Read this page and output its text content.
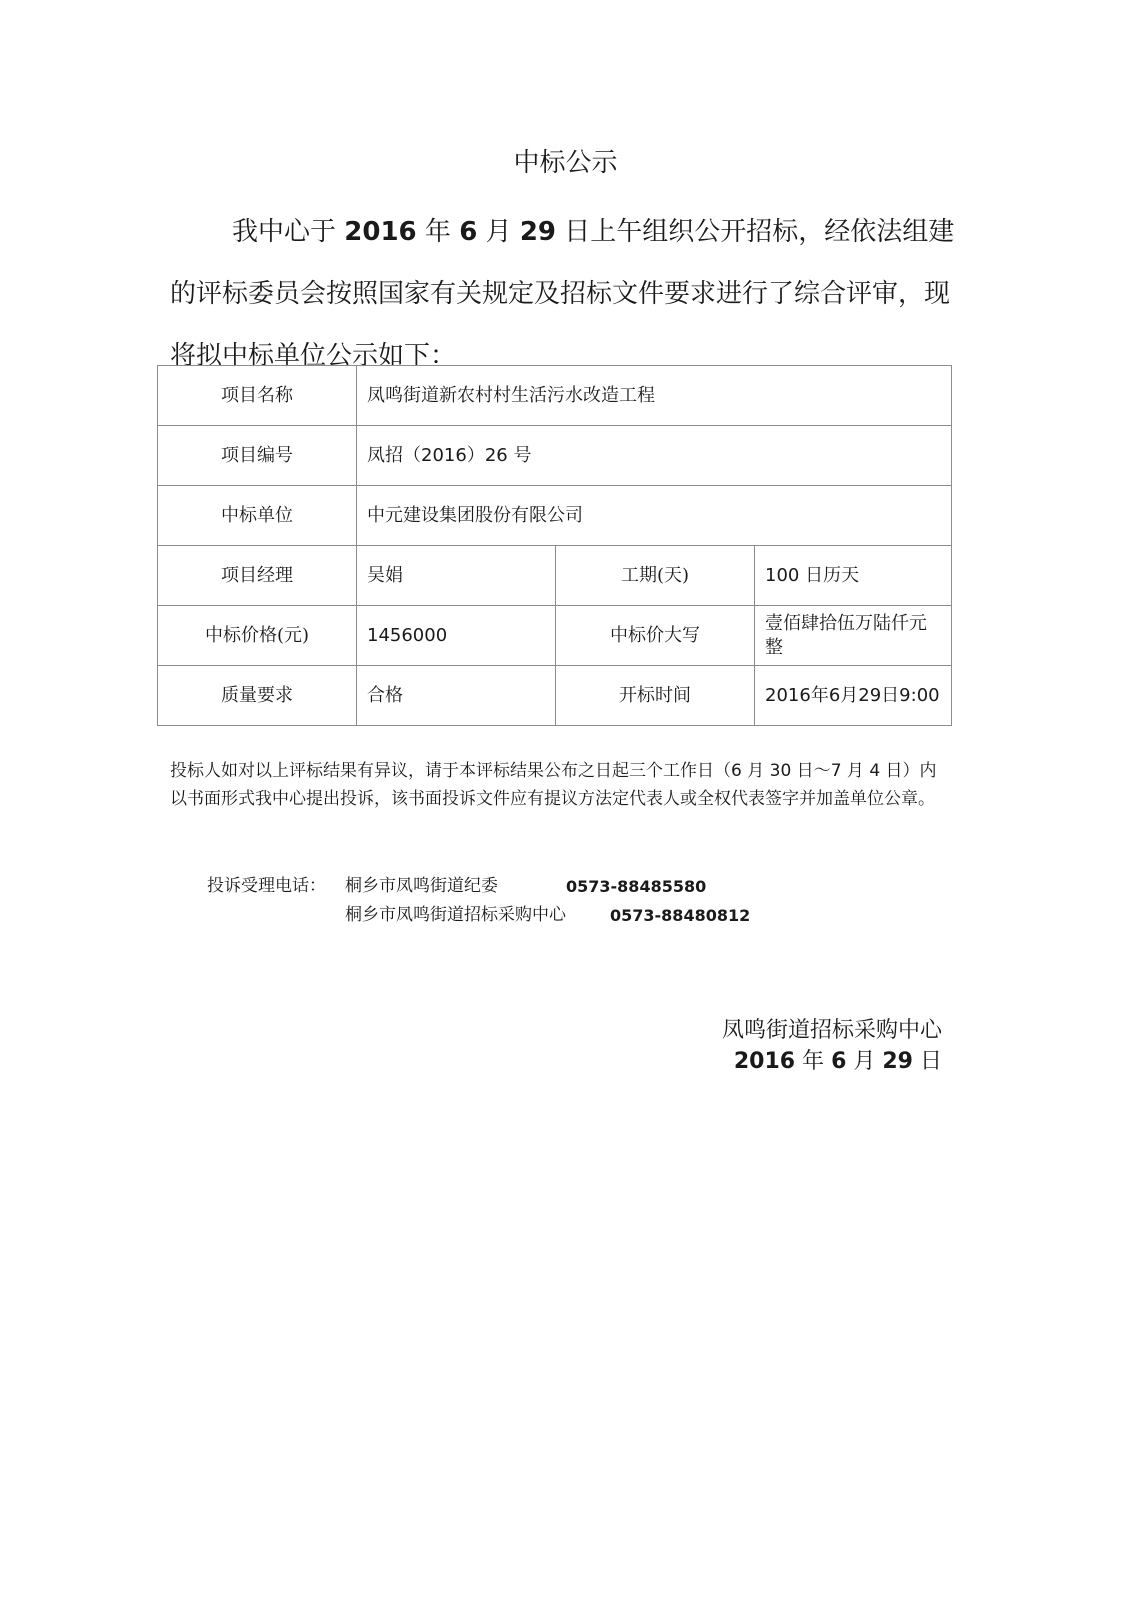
中标公示

我中心于 2016 年 6 月 29 日上午组织公开招标，经依法组建的评标委员会按照国家有关规定及招标文件要求进行了综合评审，现将拟中标单位公示如下：

项目名称	凤鸣街道新农村村生活污水改造工程		
项目编号	凤招（2016）26 号		
中标单位	中元建设集团股份有限公司		
项目经理	吴娟	工期(天)	100 日历天
中标价格(元)	1456000	中标价大写	壹佰肆拾伍万陆仟元整
质量要求	合格	开标时间	2016年6月29日9:00

投标人如对以上评标结果有异议，请于本评标结果公布之日起三个工作日（6 月 30 日～7 月 4 日）内以书面形式我中心提出投诉，该书面投诉文件应有提议方法定代表人或全权代表签字并加盖单位公章。

投诉受理电话： 桐乡市凤鸣街道纪委	0573-88485580
桐乡市凤鸣街道招标采购中心	0573-88480812
凤鸣街道招标采购中心
2016 年 6 月 29 日
